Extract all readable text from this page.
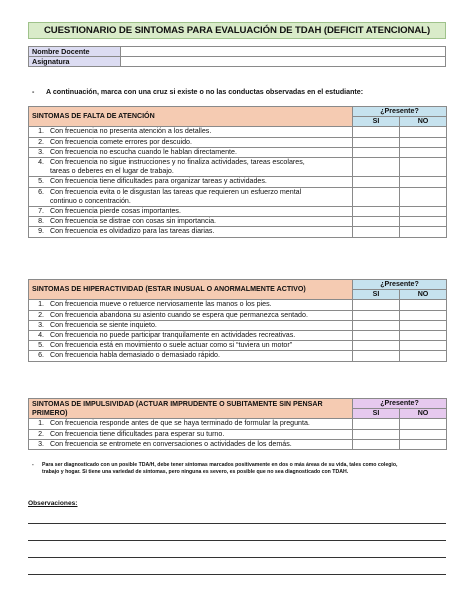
CUESTIONARIO DE SINTOMAS PARA EVALUACIÓN DE TDAH (DEFICIT ATENCIONAL)
Nombre Docente	
Asignatura	
- A continuación, marca con una cruz si existe o no las conductas observadas en el estudiante:
SINTOMAS DE FALTA DE ATENCIÓN	¿Presente?	
	SI	NO
1. Con frecuencia no presenta atención a los detalles.		
2. Con frecuencia comete errores por descuido.		
3. Con frecuencia no escucha cuando le hablan directamente.		
4. Con frecuencia no sigue instrucciones y no finaliza actividades, tareas escolares,
tareas o deberes en el lugar de trabajo.		

5. Con frecuencia tiene dificultades para organizar tareas y actividades.		
6. Con frecuencia evita o le disgustan las tareas que requieren un esfuerzo mental
continuo o concentración.		

7. Con frecuencia pierde cosas importantes.		
8. Con frecuencia se distrae con cosas sin importancia.		
9. Con frecuencia es olvidadizo para las tareas diarias.		
SINTOMAS DE HIPERACTIVIDAD (ESTAR INUSUAL O ANORMALMENTE ACTIVO)	¿Presente?	
	SI	NO
1. Con frecuencia mueve o retuerce nerviosamente las manos o los pies.		
2. Con frecuencia abandona su asiento cuando se espera que permanezca sentado.		
3. Con frecuencia se siente inquieto.		
4. Con frecuencia no puede participar tranquilamente en actividades recreativas.		
5. Con frecuencia está en movimiento o suele actuar como si “tuviera un motor”		
6. Con frecuencia habla demasiado o demasiado rápido.		
SINTOMAS DE IMPULSIVIDAD (ACTUAR IMPRUDENTE O SUBITAMENTE SIN PENSAR PRIMERO)	¿Presente?	
	SI	NO
1. Con frecuencia responde antes de que se haya terminado de formular la pregunta.		
2. Con frecuencia tiene dificultades para esperar su turno.		
3. Con frecuencia se entromete en conversaciones o actividades de los demás.		
- Para ser diagnosticado con un posible TDA/H, debe tener síntomas marcados positivamente en dos o más áreas de su vida, tales como colegio,
trabajo y hogar. Si tiene una variedad de síntomas, pero ninguna es severo, es posible que no sea diagnosticado con TDAH.
Observaciones:
